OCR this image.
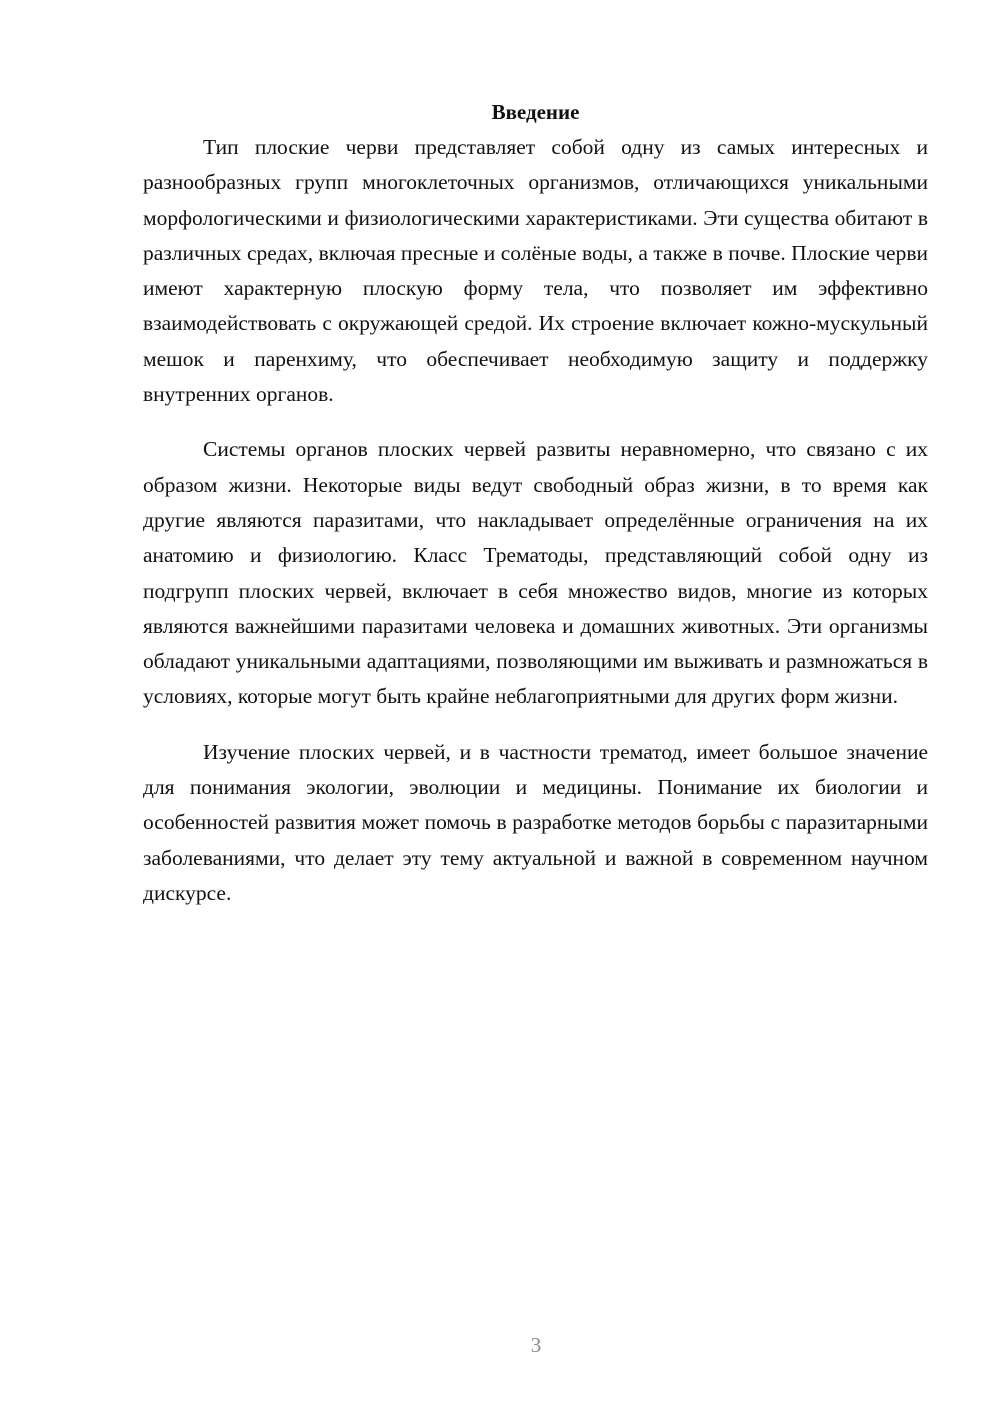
Введение

Тип плоские черви представляет собой одну из самых интересных и разнообразных групп многоклеточных организмов, отличающихся уникальными морфологическими и физиологическими характеристиками. Эти существа обитают в различных средах, включая пресные и солёные воды, а также в почве. Плоские черви имеют характерную плоскую форму тела, что позволяет им эффективно взаимодействовать с окружающей средой. Их строение включает кожно-мускульный мешок и паренхиму, что обеспечивает необходимую защиту и поддержку внутренних органов.

Системы органов плоских червей развиты неравномерно, что связано с их образом жизни. Некоторые виды ведут свободный образ жизни, в то время как другие являются паразитами, что накладывает определённые ограничения на их анатомию и физиологию. Класс Трематоды, представляющий собой одну из подгрупп плоских червей, включает в себя множество видов, многие из которых являются важнейшими паразитами человека и домашних животных. Эти организмы обладают уникальными адаптациями, позволяющими им выживать и размножаться в условиях, которые могут быть крайне неблагоприятными для других форм жизни.

Изучение плоских червей, и в частности трематод, имеет большое значение для понимания экологии, эволюции и медицины. Понимание их биологии и особенностей развития может помочь в разработке методов борьбы с паразитарными заболеваниями, что делает эту тему актуальной и важной в современном научном дискурсе.

3
